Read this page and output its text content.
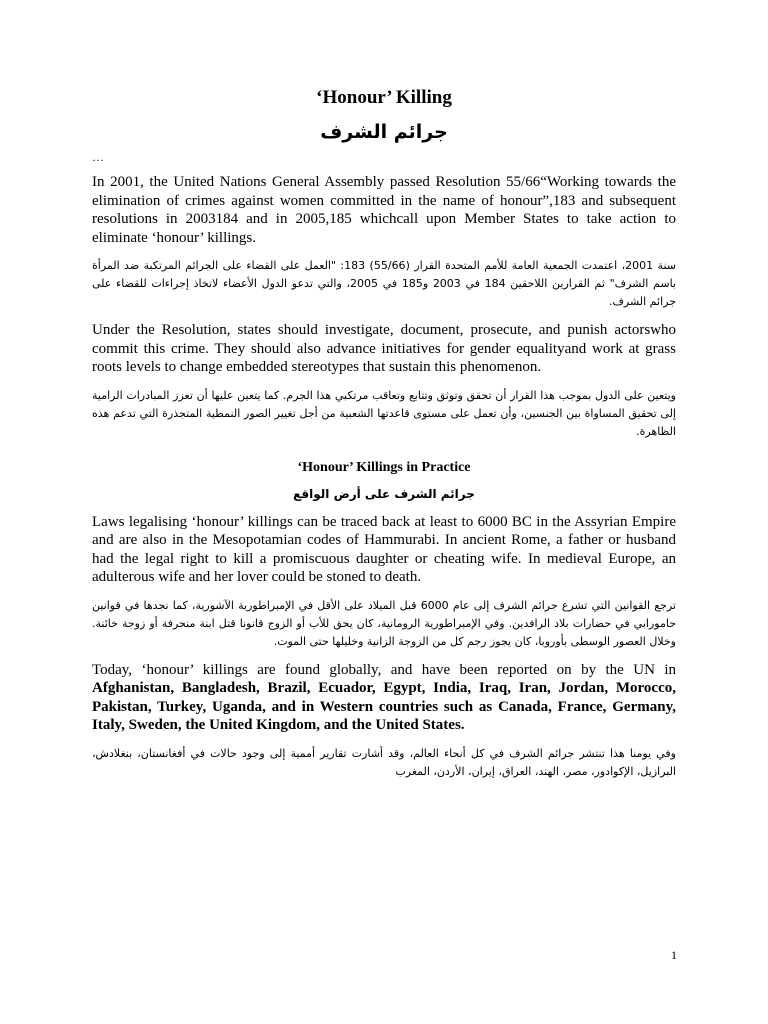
‘Honour’ Killing
جرائم الشرف

…

In 2001, the United Nations General Assembly passed Resolution 55/66“Working towards the elimination of crimes against women committed in the name of honour”,183 and subsequent resolutions in 2003184 and in 2005,185 whichcall upon Member States to take action to eliminate ‘honour’ killings.

سنة 2001، اعتمدت الجمعية العامة للأمم المتحدة القرار (55/66) 183: "العمل على القضاء على الجرائم المرتكبة ضد المرأة باسم الشرف" ثم القرارين اللاحقين 184 في 2003 و185 في 2005، والتي تدعو الدول الأعضاء لاتخاذ إجراءات للقضاء على جرائم الشرف.

Under the Resolution, states should investigate, document, prosecute, and punish actorswho commit this crime. They should also advance initiatives for gender equalityand work at grass roots levels to change embedded stereotypes that sustain this phenomenon.

ويتعين على الدول بموجب هذا القرار أن تحقق وتوثق وتتابع وتعاقب مرتكبي هذا الجرم. كما يتعين عليها أن تعزز المبادرات الرامية إلى تحقيق المساواة بين الجنسين، وأن تعمل على مستوى قاعدتها الشعبية من أجل تغيير الصور النمطية المتجذرة التي تدعم هذه الظاهرة.

‘Honour’ Killings in Practice
جرائم الشرف على أرض الواقع

Laws legalising ‘honour’ killings can be traced back at least to 6000 BC in the Assyrian Empire and are also in the Mesopotamian codes of Hammurabi. In ancient Rome, a father or husband had the legal right to kill a promiscuous daughter or cheating wife. In medieval Europe, an adulterous wife and her lover could be stoned to death.

ترجع القوانين التي تشرع جرائم الشرف إلى عام 6000 قبل الميلاد على الأقل في الإمبراطورية الآشورية، كما نجدها في قوانين حامورابي في حضارات بلاد الرافدين. وفي الإمبراطورية الرومانية، كان يحق للأب أو الزوج قانونا قتل ابنة منحرفة أو زوجة خائنة. وخلال العصور الوسطى بأوروبا، كان يجوز رجم كل من الزوجة الزانية وخليلها حتى الموت.

Today, ‘honour’ killings are found globally, and have been reported on by the UN in Afghanistan, Bangladesh, Brazil, Ecuador, Egypt, India, Iraq, Iran, Jordan, Morocco, Pakistan, Turkey, Uganda, and in Western countries such as Canada, France, Germany, Italy, Sweden, the United Kingdom, and the United States.

وفي يومنا هذا تنتشر جرائم الشرف في كل أنحاء العالم، وقد أشارت تقارير أممية إلى وجود حالات في أفغانستان، بنغلادش، البرازيل، الإكوادور، مصر، الهند، العراق، إيران، الأردن، المغرب

1
